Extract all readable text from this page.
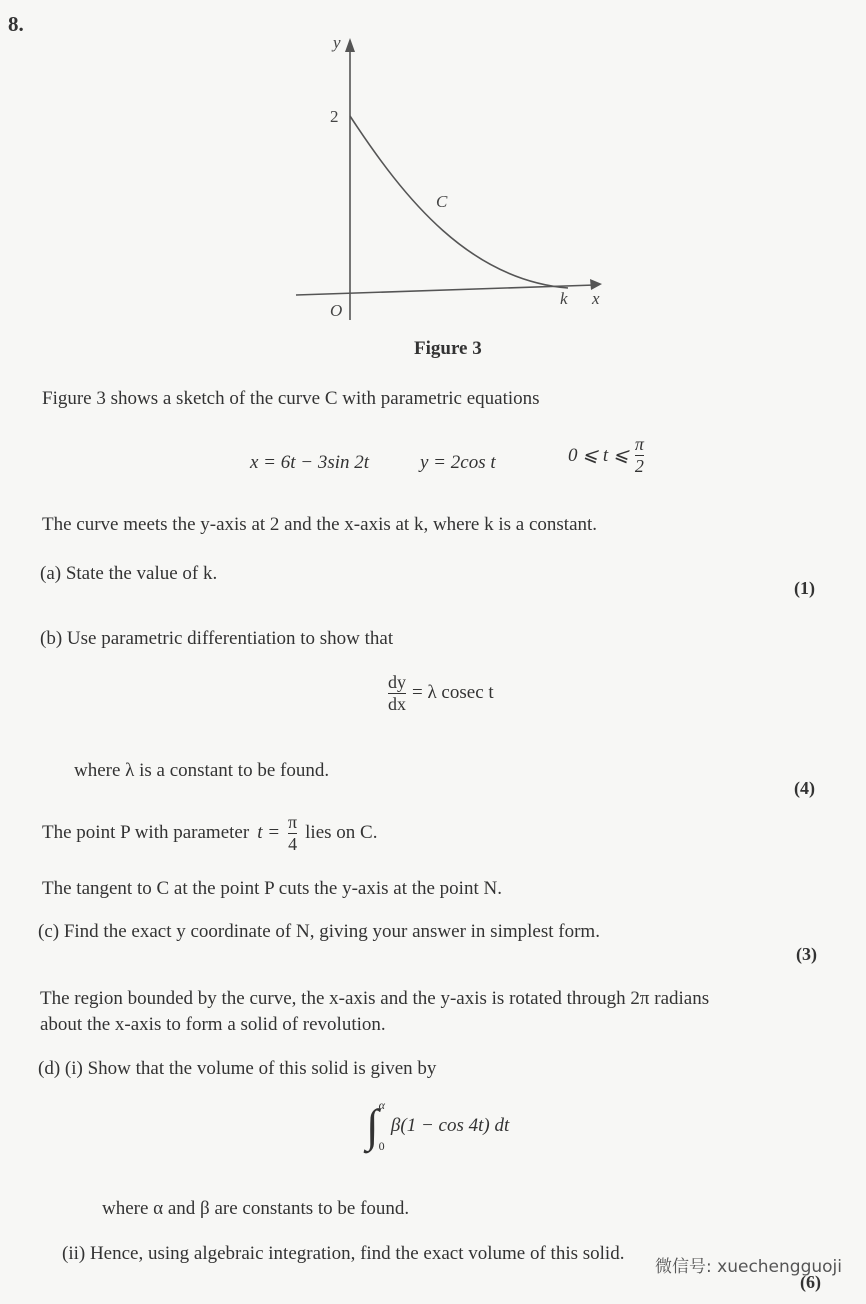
8.
y
x
O
2
k
C
Figure 3
Figure 3 shows a sketch of the curve C with parametric equations
x = 6t − 3sin 2t	y = 2cos t	0 ⩽ t ⩽ $\frac{\pi}{2}$
The curve meets the y-axis at 2 and the x-axis at k, where k is a constant.
(a) State the value of k.
(1)
(b) Use parametric differentiation to show that
$\frac{dy}{dx} = \lambda$ cosec t
where λ is a constant to be found.
(4)
The point P with parameter $t = \frac{\pi}{4}$ lies on C.
The tangent to C at the point P cuts the y-axis at the point N.
(c) Find the exact y coordinate of N, giving your answer in simplest form.
(3)
The region bounded by the curve, the x-axis and the y-axis is rotated through 2π radians
about the x-axis to form a solid of revolution.
(d) (i) Show that the volume of this solid is given by
∫ α
0
β(1 − cos 4t) dt
where α and β are constants to be found.
(ii) Hence, using algebraic integration, find the exact volume of this solid.
(6)
微信号: xuechengguoji
